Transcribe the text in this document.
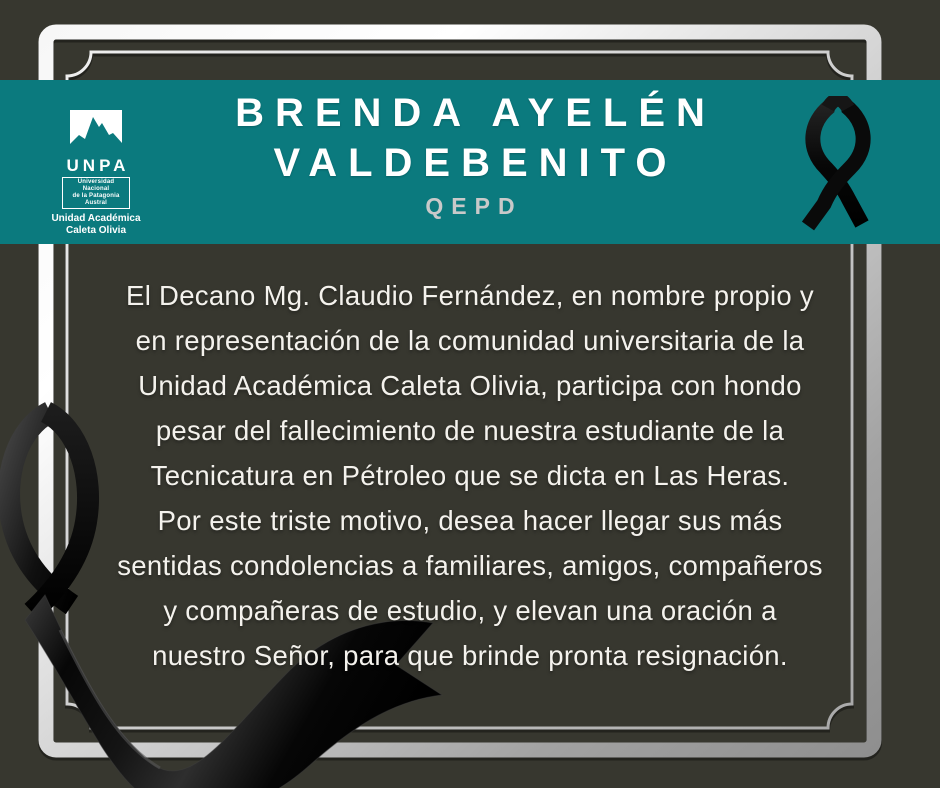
El Decano Mg. Claudio Fernández, en nombre propio y
en representación de la comunidad universitaria de la
Unidad Académica Caleta Olivia, participa con hondo
pesar del fallecimiento de nuestra estudiante de la
Tecnicatura en Pétroleo que se dicta en Las Heras.
Por este triste motivo, desea hacer llegar sus más
sentidas condolencias a familiares, amigos, compañeros
y compañeras de estudio, y elevan una oración a
nuestro Señor, para que brinde pronta resignación.
UNPA
Universidad Nacional
de la Patagonia Austral
Unidad Académica
Caleta Olivia
BRENDA AYELÉN
VALDEBENITO
QEPD
